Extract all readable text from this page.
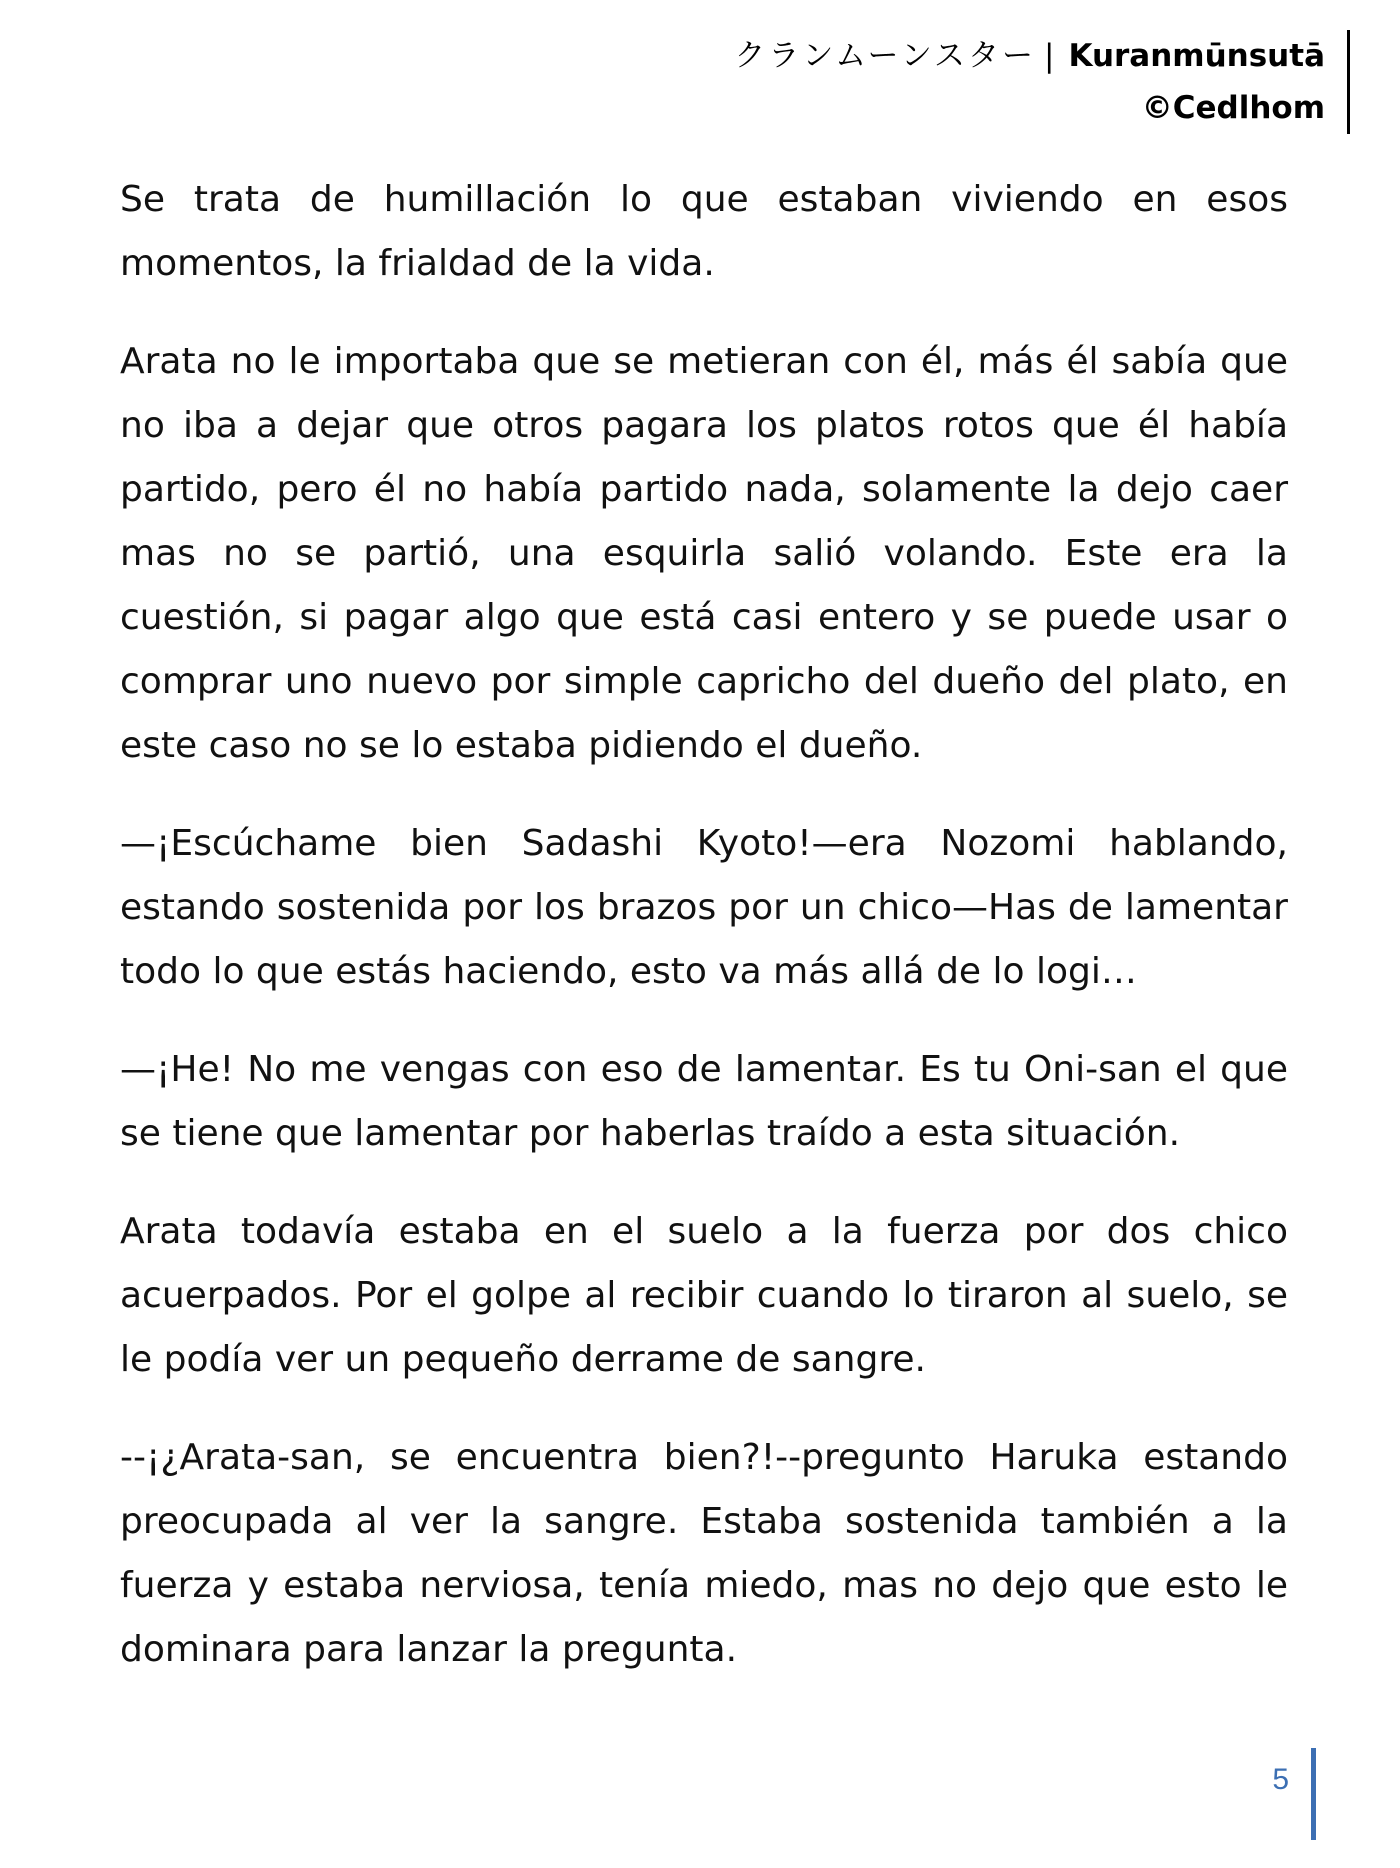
クランムーンスター | Kuranmūnsutā
©Cedlhom

Se trata de humillación lo que estaban viviendo en esos momentos, la frialdad de la vida.

Arata no le importaba que se metieran con él, más él sabía que no iba a dejar que otros pagara los platos rotos que él había partido, pero él no había partido nada, solamente la dejo caer mas no se partió, una esquirla salió volando. Este era la cuestión, si pagar algo que está casi entero y se puede usar o comprar uno nuevo por simple capricho del dueño del plato, en este caso no se lo estaba pidiendo el dueño.

—¡Escúchame bien Sadashi Kyoto!—era Nozomi hablando, estando sostenida por los brazos por un chico—Has de lamentar todo lo que estás haciendo, esto va más allá de lo logi…

—¡He! No me vengas con eso de lamentar. Es tu Oni-san el que se tiene que lamentar por haberlas traído a esta situación.

Arata todavía estaba en el suelo a la fuerza por dos chico acuerpados. Por el golpe al recibir cuando lo tiraron al suelo, se le podía ver un pequeño derrame de sangre.

--¡¿Arata-san, se encuentra bien?!--pregunto Haruka estando preocupada al ver la sangre. Estaba sostenida también a la fuerza y estaba nerviosa, tenía miedo, mas no dejo que esto le dominara para lanzar la pregunta.

5
